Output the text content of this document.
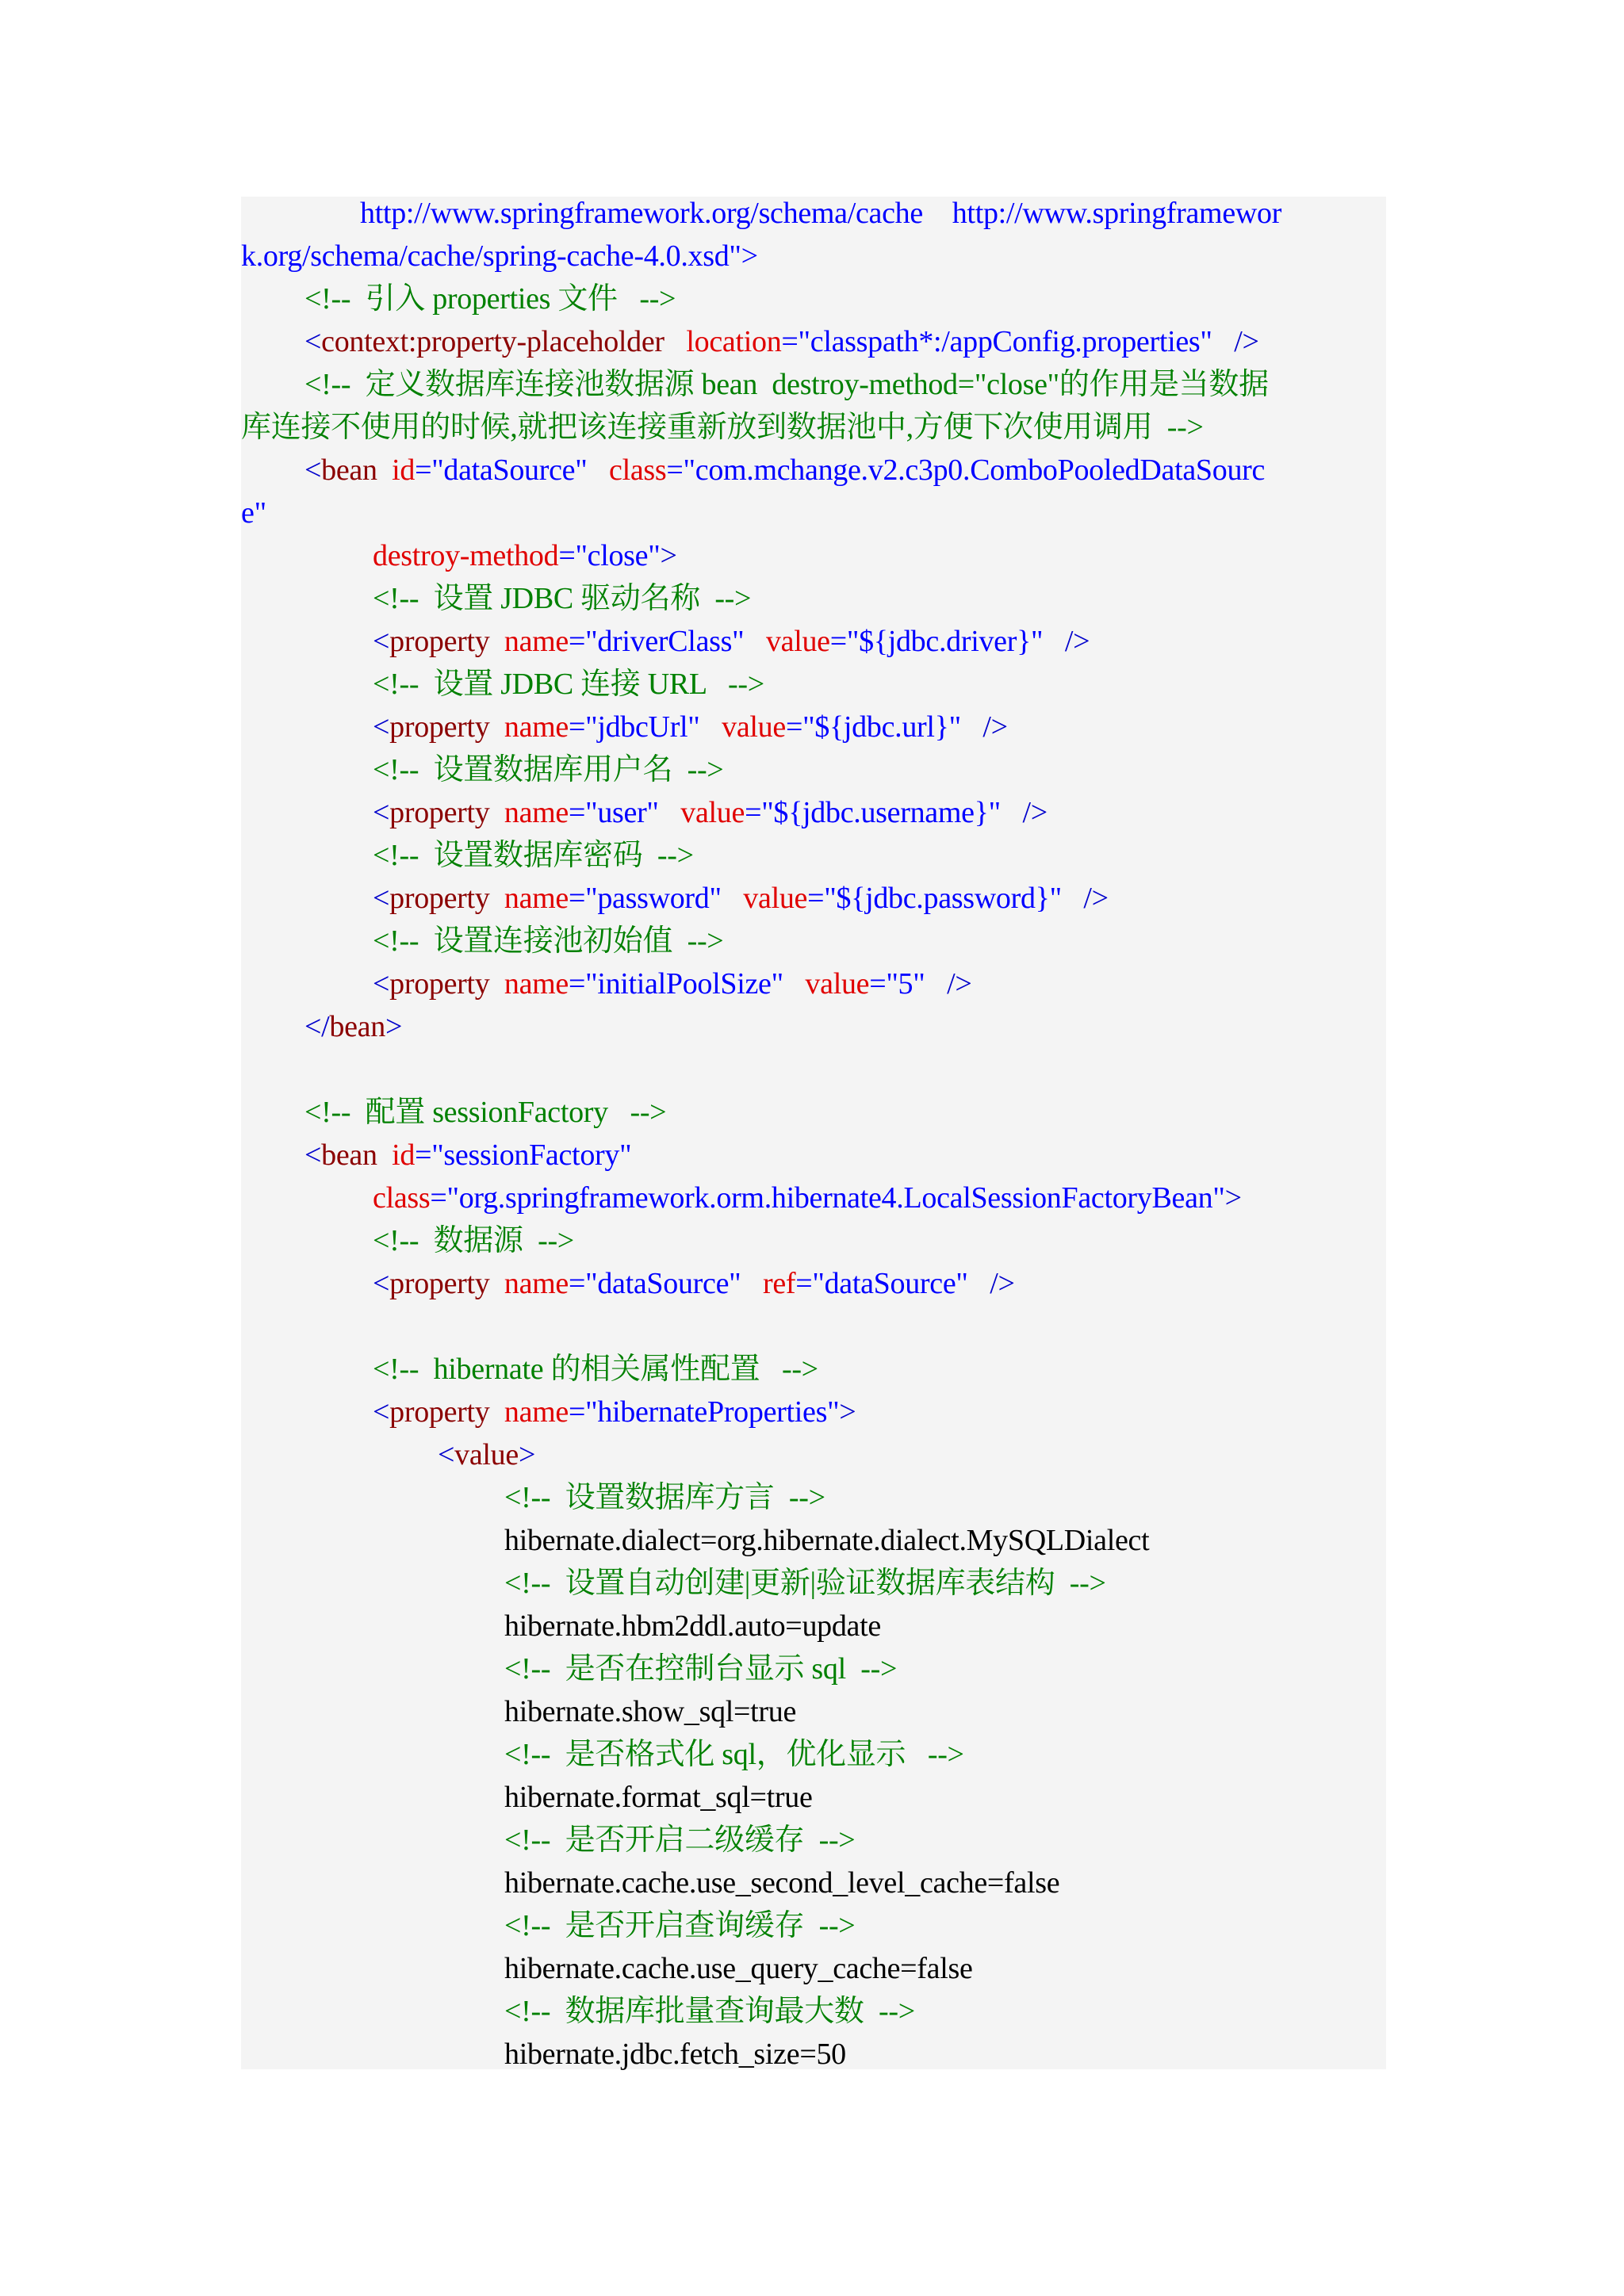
http://www.springframework.org/schema/cache    http://www.springframewor
k.org/schema/cache/spring-cache-4.0.xsd">
<!--  引入 properties 文件   -->
<context:property-placeholder location="classpath*:/appConfig.properties" />
<!--  定义数据库连接池数据源 bean  destroy-method="close"的作用是当数据
库连接不使用的时候,就把该连接重新放到数据池中,方便下次使用调用  -->
<bean id="dataSource" class="com.mchange.v2.c3p0.ComboPooledDataSourc
e"
destroy-method="close">
<!--  设置 JDBC 驱动名称  -->
<property name="driverClass" value="${jdbc.driver}" />
<!--  设置 JDBC 连接 URL   -->
<property name="jdbcUrl" value="${jdbc.url}" />
<!--  设置数据库用户名  -->
<property name="user" value="${jdbc.username}" />
<!--  设置数据库密码  -->
<property name="password" value="${jdbc.password}" />
<!--  设置连接池初始值  -->
<property name="initialPoolSize" value="5" />
</bean>
<!--  配置 sessionFactory   -->
<bean id="sessionFactory"
class="org.springframework.orm.hibernate4.LocalSessionFactoryBean">
<!--  数据源  -->
<property name="dataSource" ref="dataSource" />
<!--  hibernate 的相关属性配置   -->
<property name="hibernateProperties">
<value>
<!--  设置数据库方言  -->
hibernate.dialect=org.hibernate.dialect.MySQLDialect
<!--  设置自动创建|更新|验证数据库表结构  -->
hibernate.hbm2ddl.auto=update
<!--  是否在控制台显示 sql  -->
hibernate.show_sql=true
<!--  是否格式化 sql，优化显示   -->
hibernate.format_sql=true
<!--  是否开启二级缓存  -->
hibernate.cache.use_second_level_cache=false
<!--  是否开启查询缓存  -->
hibernate.cache.use_query_cache=false
<!--  数据库批量查询最大数  -->
hibernate.jdbc.fetch_size=50
